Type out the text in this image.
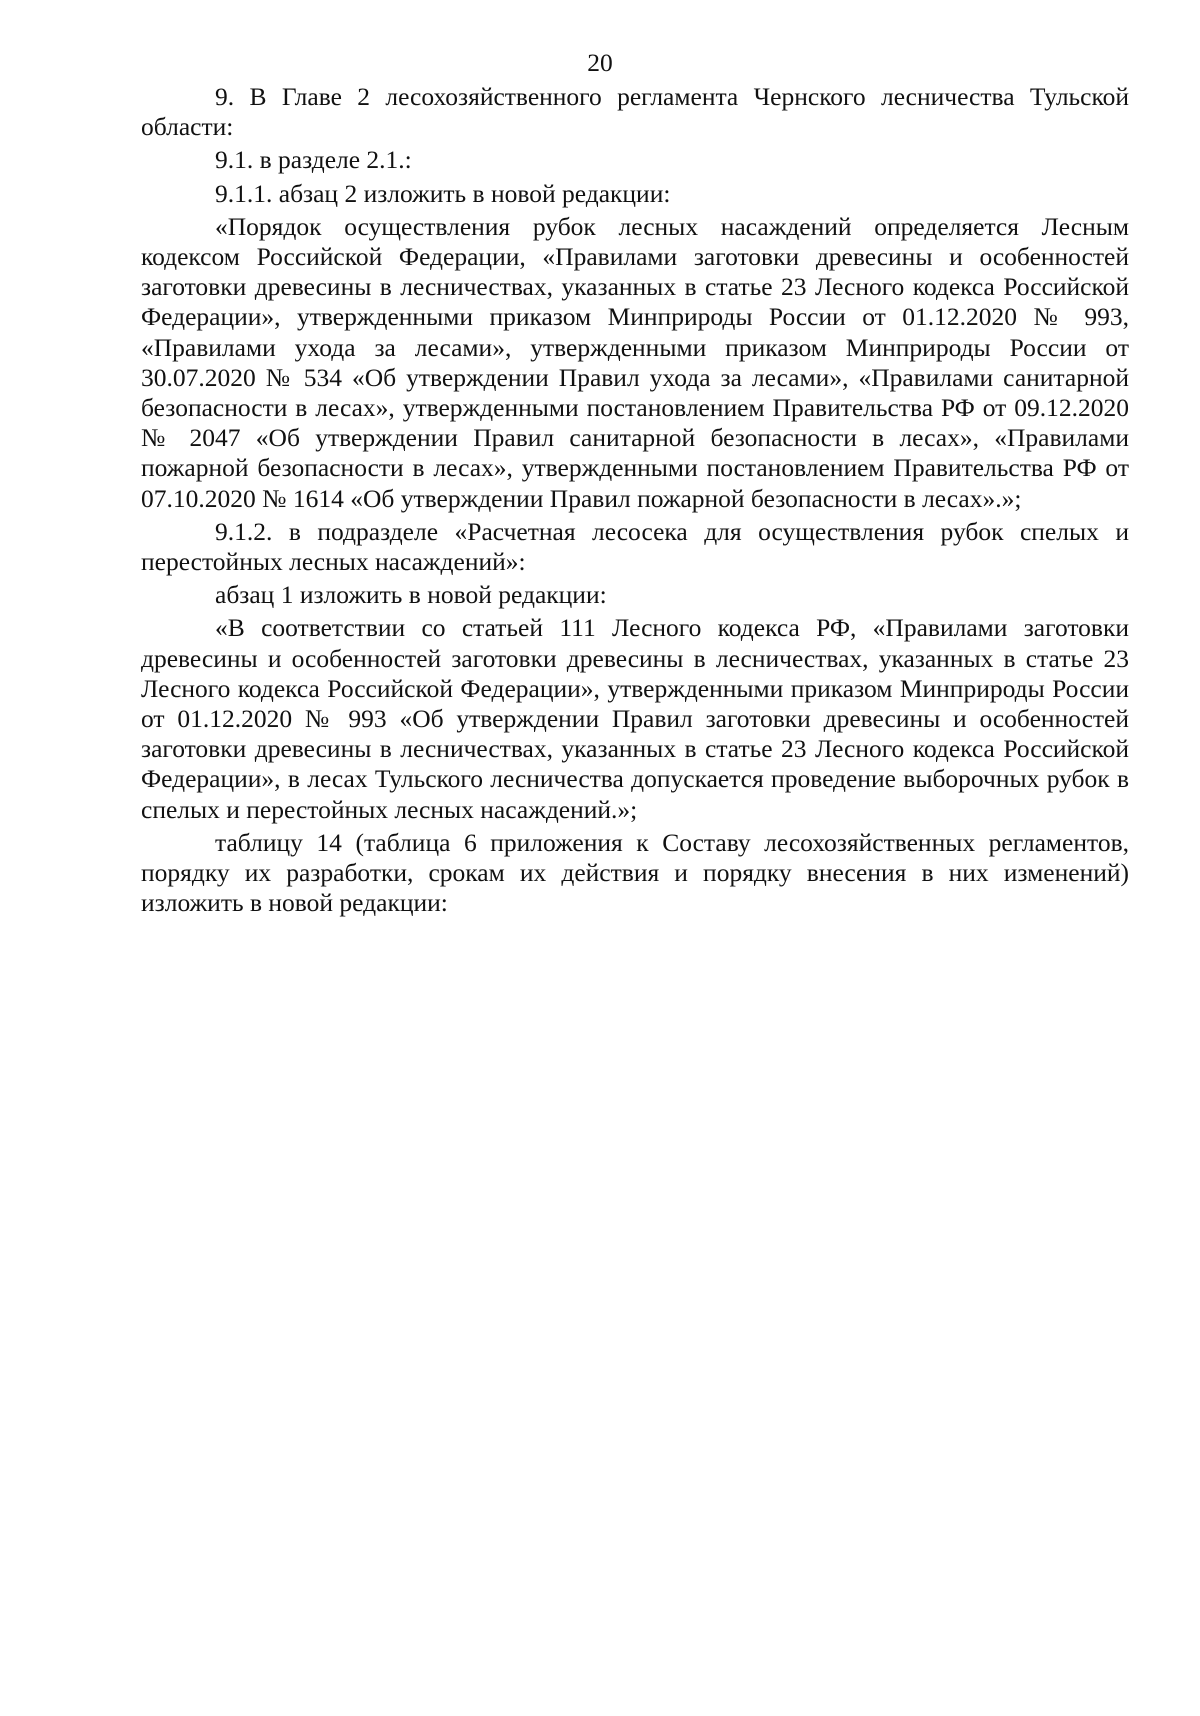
20

9. В Главе 2 лесохозяйственного регламента Чернского лесничества Тульской области:

9.1. в разделе 2.1.:

9.1.1. абзац 2 изложить в новой редакции:

«Порядок осуществления рубок лесных насаждений определяется Лесным кодексом Российской Федерации, «Правилами заготовки древесины и особенностей заготовки древесины в лесничествах, указанных в статье 23 Лесного кодекса Российской Федерации», утвержденными приказом Минприроды России от 01.12.2020 № 993, «Правилами ухода за лесами», утвержденными приказом Минприроды России от 30.07.2020 № 534 «Об утверждении Правил ухода за лесами», «Правилами санитарной безопасности в лесах», утвержденными постановлением Правительства РФ от 09.12.2020 № 2047 «Об утверждении Правил санитарной безопасности в лесах», «Правилами пожарной безопасности в лесах», утвержденными постановлением Правительства РФ от 07.10.2020 № 1614 «Об утверждении Правил пожарной безопасности в лесах».»;

9.1.2. в подразделе «Расчетная лесосека для осуществления рубок спелых и перестойных лесных насаждений»:

абзац 1 изложить в новой редакции:

«В соответствии со статьей 111 Лесного кодекса РФ, «Правилами заготовки древесины и особенностей заготовки древесины в лесничествах, указанных в статье 23 Лесного кодекса Российской Федерации», утвержденными приказом Минприроды России от 01.12.2020 № 993 «Об утверждении Правил заготовки древесины и особенностей заготовки древесины в лесничествах, указанных в статье 23 Лесного кодекса Российской Федерации», в лесах Тульского лесничества допускается проведение выборочных рубок в спелых и перестойных лесных насаждений.»;

таблицу 14 (таблица 6 приложения к Составу лесохозяйственных регламентов, порядку их разработки, срокам их действия и порядку внесения в них изменений) изложить в новой редакции:
